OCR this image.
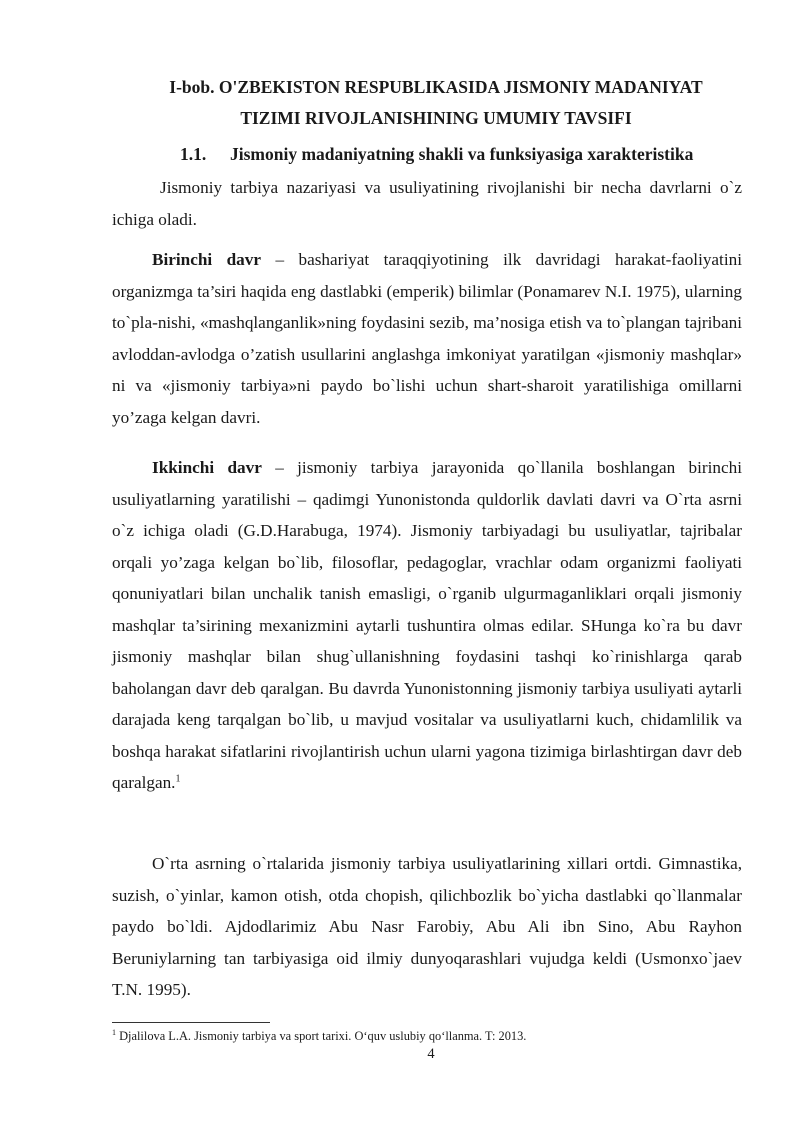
I-bob. O'ZBEKISTON RESPUBLIKASIDA JISMONIY MADANIYAT
TIZIMI RIVOJLANISHINING UMUMIY TAVSIFI
1.1. Jismoniy madaniyatning shakli va funksiyasiga xarakteristika

Jismoniy tarbiya nazariyasi va usuliyatining rivojlanishi bir necha davrlarni o`z ichiga oladi.

Birinchi davr – bashariyat taraqqiyotining ilk davridagi harakat-faoliyatini organizmga ta’siri haqida eng dastlabki (emperik) bilimlar (Ponamarev N.I. 1975), ularning to`pla-nishi, «mashqlanganlik»ning foydasini sezib, ma’nosiga etish va to`plangan tajribani avloddan-avlodga o’zatish usullarini anglashga imkoniyat yaratilgan «jismoniy mashqlar» ni va «jismoniy tarbiya»ni paydo bo`lishi uchun shart-sharoit yaratilishiga omillarni yo’zaga kelgan davri.

Ikkinchi davr – jismoniy tarbiya jarayonida qo`llanila boshlangan birinchi usuliyatlarning yaratilishi – qadimgi Yunonistonda quldorlik davlati davri va O`rta asrni o`z ichiga oladi (G.D.Harabuga, 1974). Jismoniy tarbiyadagi bu usuliyatlar, tajribalar orqali yo’zaga kelgan bo`lib, filosoflar, pedagoglar, vrachlar odam organizmi faoliyati qonuniyatlari bilan unchalik tanish emasligi, o`rganib ulgurmaganliklari orqali jismoniy mashqlar ta’sirining mexanizmini aytarli tushuntira olmas edilar. SHunga ko`ra bu davr jismoniy mashqlar bilan shug`ullanishning foydasini tashqi ko`rinishlarga qarab baholangan davr deb qaralgan. Bu davrda Yunonistonning jismoniy tarbiya usuliyati aytarli darajada keng tarqalgan bo`lib, u mavjud vositalar va usuliyatlarni kuch, chidamlilik va boshqa harakat sifatlarini rivojlantirish uchun ularni yagona tizimiga birlashtirgan davr deb qaralgan.$^1$

O`rta asrning o`rtalarida jismoniy tarbiya usuliyatlarining xillari ortdi. Gimnastika, suzish, o`yinlar, kamon otish, otda chopish, qilichbozlik bo`yicha dastlabki qo`llanmalar paydo bo`ldi. Ajdodlarimiz Abu Nasr Farobiy, Abu Ali ibn Sino, Abu Rayhon Beruniylarning tan tarbiyasiga oid ilmiy dunyoqarashlari vujudga keldi (Usmonxo`jaev T.N. 1995).

$^1$ Djalilova L.A. Jismoniy tarbiya va sport tarixi. O‘quv uslubiy qo‘llanma. T: 2013.
4
